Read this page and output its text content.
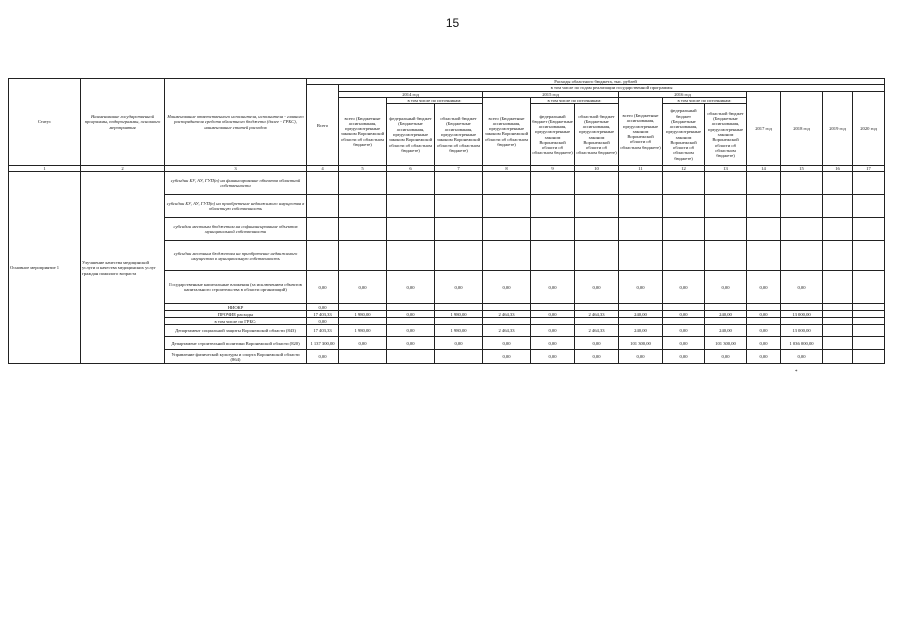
15
Статус	Наименование государственной программы, подпрограммы, основного мероприятия	Наименование ответственного исполнителя, исполнителя - главного распорядителя средств областного бюджета (далее - ГРБС), наименование статей расходов	Расходы областного бюджета, тыс. рублей													
			Всего	в том числе по годам реализации государственной программы												
				2014 год			2015 год			2016 год			2017 год	2018 год	2019 год	2020 год
				всего (Бюджетные ассигнования, предусмотренные законом Воронежской области об областном бюджете)	в том числе по источникам:		всего (Бюджетные ассигнования, предусмотренные законом Воронежской области об областном бюджете)	в том числе по источникам:		всего (Бюджетные ассигнования, предусмотренные законом Воронежской области об областном бюджете)	в том числе по источникам:					
					федеральный бюджет (Бюджетные ассигнования, предусмотренные законом Воронежской области об областном бюджете)	областной бюджет (Бюджетные ассигнования, предусмотренные законом Воронежской области об областном бюджете)		федеральный бюджет (Бюджетные ассигнования, предусмотренные законом Воронежской области об областном бюджете)	областной бюджет (Бюджетные ассигнования, предусмотренные законом Воронежской области об областном бюджете)		федеральный бюджет (Бюджетные ассигнования, предусмотренные законом Воронежской области об областном бюджете)	областной бюджет (Бюджетные ассигнования, предусмотренные законом Воронежской области об областном бюджете)				
1	2	3	4	5	6	7	8	9	10	11	12	13	14	15	16	17
Основное мероприятие 1	Улучшение качества медицинской услуги и качества медицинских услуг граждан пожилого возраста	субсидии БУ, АУ, ГУП(п) на финансирование объектов областной собственности														
		субсидии БУ, АУ, ГУП(п) на приобретение недвижимого имущества в областную собственность														
		субсидии местным бюджетам на софинансирование объектов муниципальной собственности														
		субсидии местным бюджетам на приобретение недвижимого имущества в муниципальную собственность														
		Государственные капитальные вложения (за исключением объектов капитального строительства в области организаций)	0,00	0,00	0,00	0,00	0,00	0,00	0,00	0,00	0,00	0,00	0,00	0,00		
		НИОКР	0,00													
		ПРОЧИЕ расходы	17 403,33	1 980,00	0,00	1 980,00	2 464,33	0,00	2 464,33	240,00	0,00	240,00	0,00	13 000,00		
		в том числе по ГРБС:	0,00													
		Департамент социальной защиты Воронежской области (843)	17 403,33	1 980,00	0,00	1 980,00	2 464,33	0,00	2 464,33	240,00	0,00	240,00	0,00	13 000,00		
		Департамент строительной политики Воронежской области (820)	1 137 300,00	0,00	0,00	0,00	0,00	0,00	0,00	101 300,00	0,00	101 300,00	0,00	1 036 000,00		
		Управление физической культуры и спорта Воронежской области (864)	0,00				0,00	0,00	0,00	0,00	0,00	0,00	0,00	0,00		
*
